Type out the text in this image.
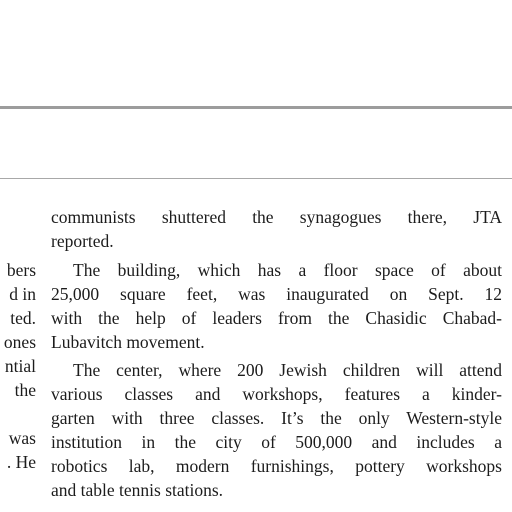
bers
d in
ted.
ones
ntial
the
was
. He
communists shuttered the synagogues there, JTA
reported.
The building, which has a floor space of about
25,000 square feet, was inaugurated on Sept. 12
with the help of leaders from the Chasidic Chabad-
Lubavitch movement.
The center, where 200 Jewish children will attend
various classes and workshops, features a kinder-
garten with three classes. It’s the only Western-style
institution in the city of 500,000 and includes a
robotics lab, modern furnishings, pottery workshops
and table tennis stations.
